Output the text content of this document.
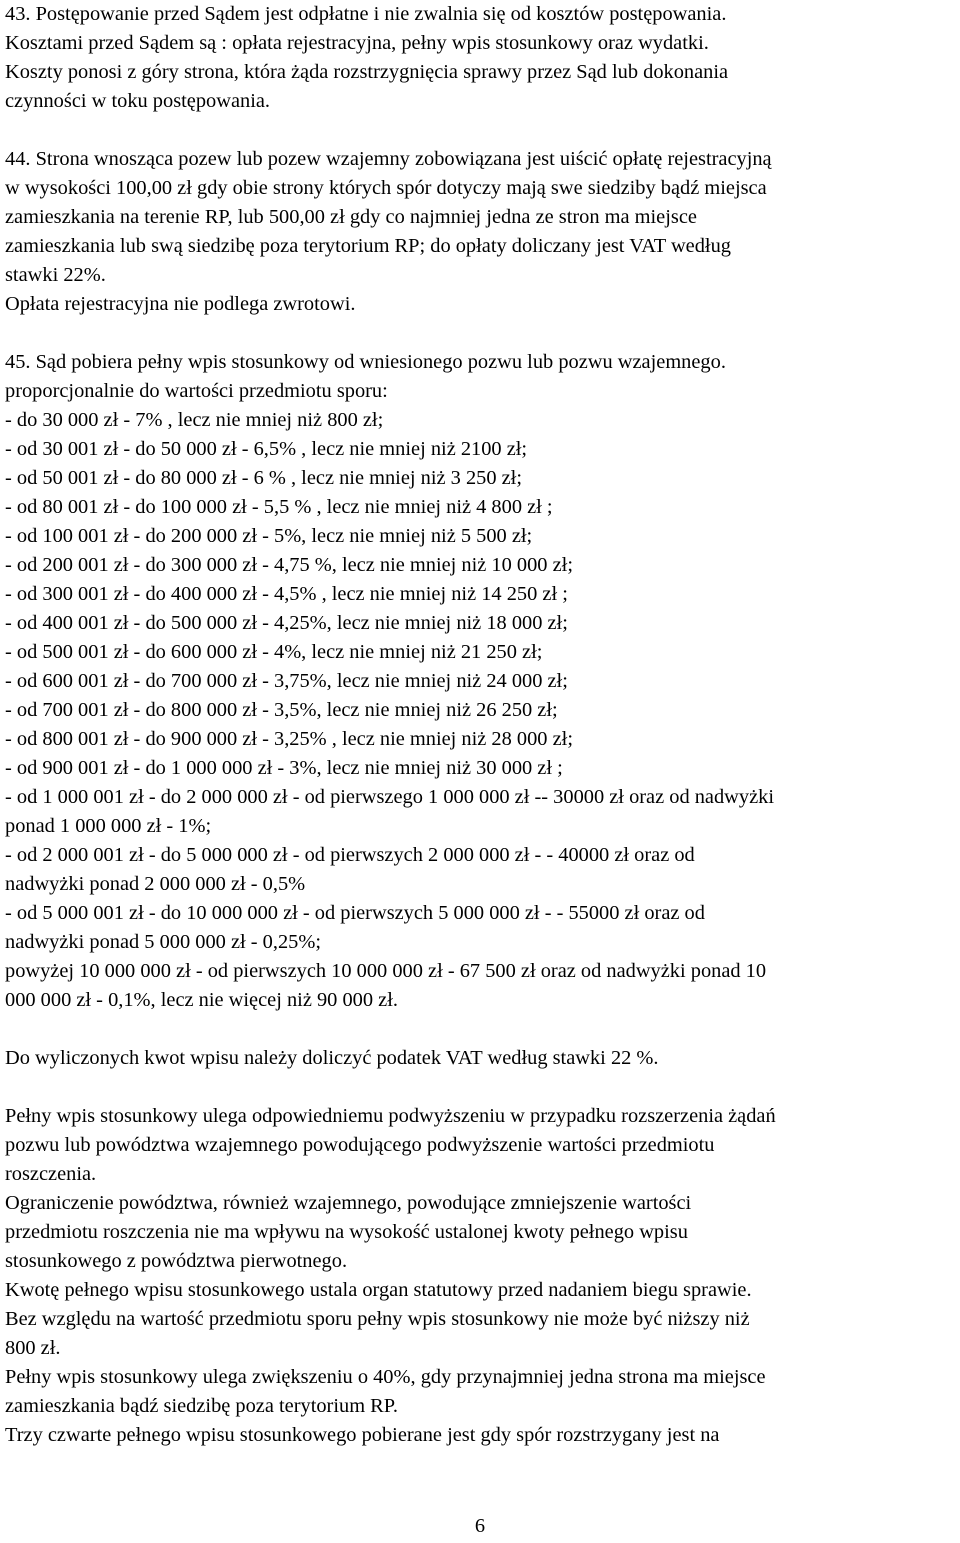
43. Postępowanie przed Sądem jest odpłatne i nie zwalnia się od kosztów postępowania.
Kosztami przed Sądem są : opłata rejestracyjna, pełny wpis stosunkowy oraz wydatki.
Koszty ponosi z góry strona, która żąda rozstrzygnięcia sprawy przez Sąd lub dokonania
czynności w toku postępowania.

44. Strona wnosząca pozew lub pozew wzajemny zobowiązana jest uiścić opłatę rejestracyjną
w wysokości 100,00 zł gdy obie strony których spór dotyczy mają swe siedziby bądź miejsca
zamieszkania na terenie RP, lub 500,00 zł gdy co najmniej jedna ze stron ma miejsce
zamieszkania lub swą siedzibę poza terytorium RP; do opłaty doliczany jest VAT według
stawki 22%.
Opłata rejestracyjna nie podlega zwrotowi.

45. Sąd pobiera pełny wpis stosunkowy od wniesionego pozwu lub pozwu wzajemnego.
proporcjonalnie do wartości przedmiotu sporu:

- do 30 000 zł - 7% , lecz nie mniej niż 800 zł;

- od 30 001 zł - do 50 000 zł - 6,5% , lecz nie mniej niż 2100 zł;

- od 50 001 zł - do 80 000 zł - 6 % , lecz nie mniej niż 3 250 zł;

- od 80 001 zł - do 100 000 zł - 5,5 % , lecz nie mniej niż 4 800 zł ;

- od 100 001 zł - do 200 000 zł - 5%, lecz nie mniej niż 5 500 zł;

- od 200 001 zł - do 300 000 zł - 4,75 %, lecz nie mniej niż 10 000 zł;

- od 300 001 zł - do 400 000 zł - 4,5% , lecz nie mniej niż 14 250 zł ;

- od 400 001 zł - do 500 000 zł - 4,25%, lecz nie mniej niż 18 000 zł;

- od 500 001 zł - do 600 000 zł - 4%, lecz nie mniej niż 21 250 zł;

- od 600 001 zł - do 700 000 zł - 3,75%, lecz nie mniej niż 24 000 zł;

- od 700 001 zł - do 800 000 zł - 3,5%, lecz nie mniej niż 26 250 zł;

- od 800 001 zł - do 900 000 zł - 3,25% , lecz nie mniej niż 28 000 zł;

- od 900 001 zł - do 1 000 000 zł - 3%, lecz nie mniej niż 30 000 zł ;

- od 1 000 001 zł - do 2 000 000 zł - od pierwszego 1 000 000 zł -- 30000 zł oraz od nadwyżki
ponad 1 000 000 zł - 1%;

- od 2 000 001 zł - do 5 000 000 zł - od pierwszych 2 000 000 zł - - 40000 zł oraz od
nadwyżki ponad 2 000 000 zł - 0,5%

- od 5 000 001 zł - do 10 000 000 zł - od pierwszych 5 000 000 zł - - 55000 zł oraz od
nadwyżki ponad 5 000 000 zł - 0,25%;

powyżej 10 000 000 zł - od pierwszych 10 000 000 zł - 67 500 zł oraz od nadwyżki ponad 10
000 000 zł - 0,1%, lecz nie więcej niż 90 000 zł.

Do wyliczonych kwot wpisu należy doliczyć podatek VAT według stawki 22 %.

Pełny wpis stosunkowy ulega odpowiedniemu podwyższeniu w przypadku rozszerzenia żądań
pozwu lub powództwa wzajemnego powodującego podwyższenie wartości przedmiotu
roszczenia.

Ograniczenie powództwa, również wzajemnego, powodujące zmniejszenie wartości
przedmiotu roszczenia nie ma wpływu na wysokość ustalonej kwoty pełnego wpisu
stosunkowego z powództwa pierwotnego.

Kwotę pełnego wpisu stosunkowego ustala organ statutowy przed nadaniem biegu sprawie.

Bez względu na wartość przedmiotu sporu pełny wpis stosunkowy nie może być niższy niż
800 zł.

Pełny wpis stosunkowy ulega zwiększeniu o 40%, gdy przynajmniej jedna strona ma miejsce
zamieszkania bądź siedzibę poza terytorium RP.

Trzy czwarte pełnego wpisu stosunkowego pobierane jest gdy spór rozstrzygany jest na

6
